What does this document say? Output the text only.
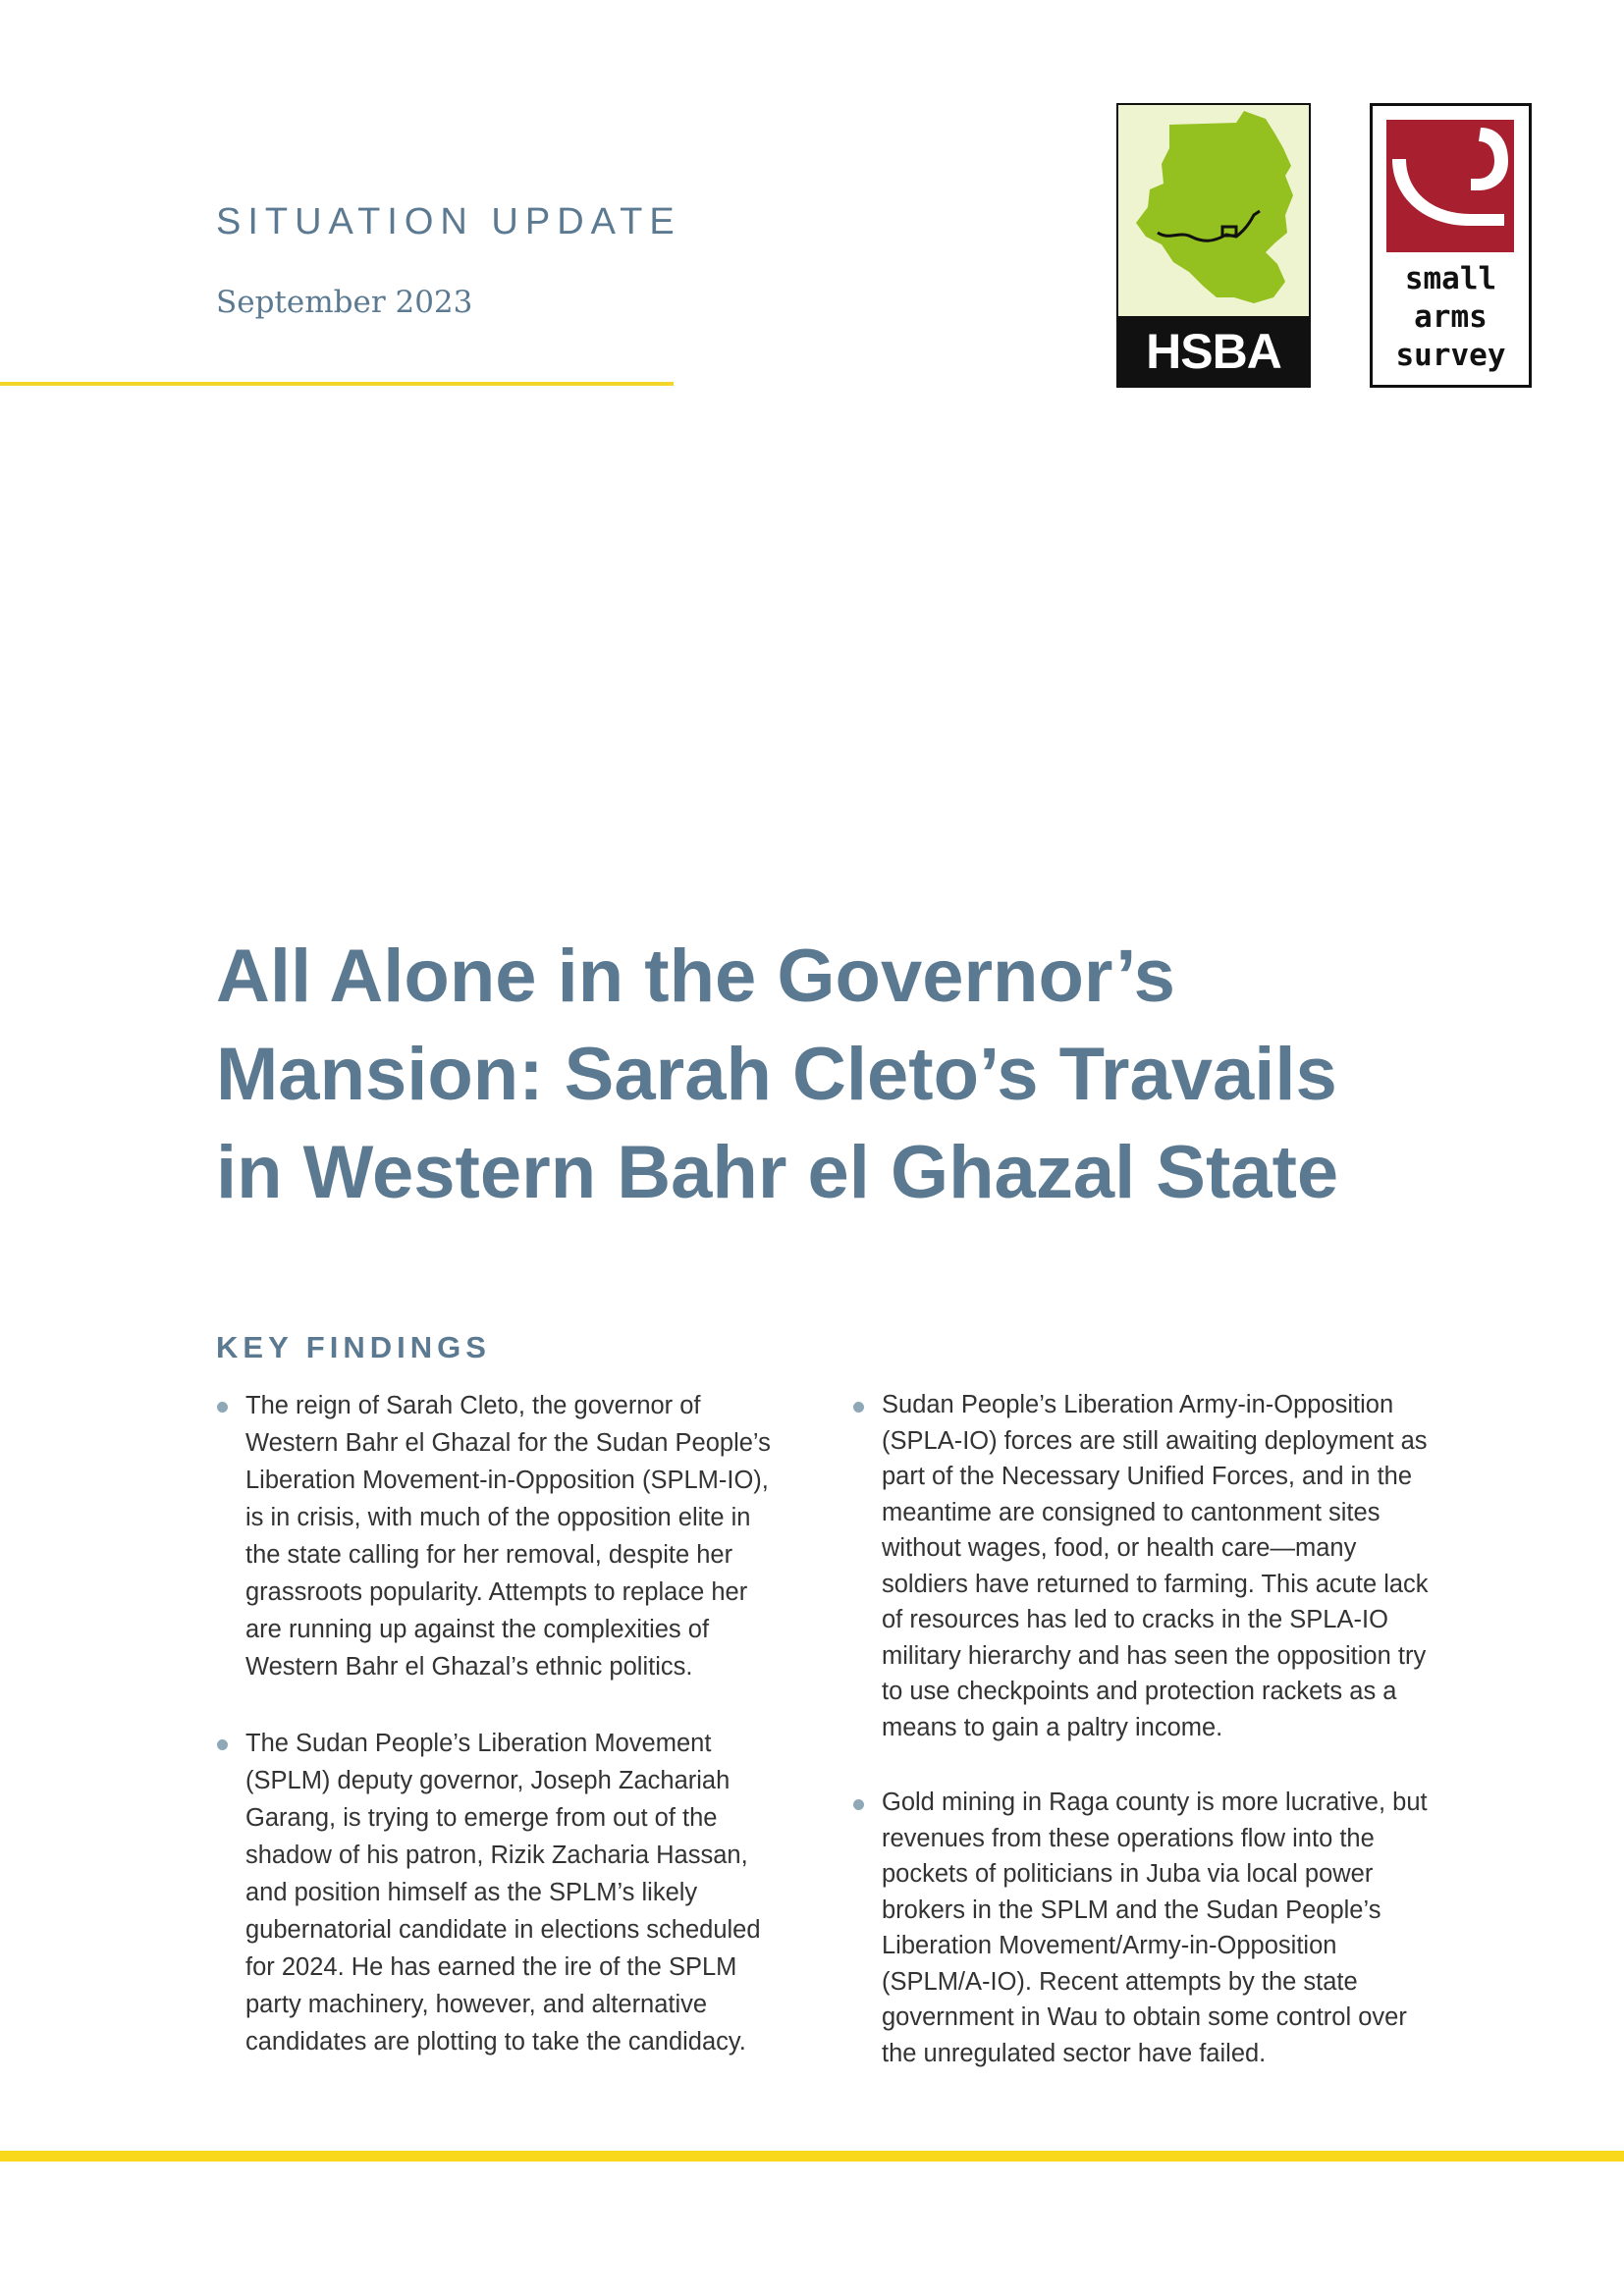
SITUATION UPDATE
September 2023
HSBA
small
arms
survey
All Alone in the Governor’s
Mansion: Sarah Cleto’s Travails
in Western Bahr el Ghazal State
KEY FINDINGS
The reign of Sarah Cleto, the governor of Western Bahr el Ghazal for the Sudan People’s Liberation Movement-in-Opposition (SPLM-IO), is in crisis, with much of the opposition elite in the state calling for her removal, despite her grassroots popularity. Attempts to replace her are running up against the complexities of Western Bahr el Ghazal’s ethnic politics.
The Sudan People’s Liberation Movement (SPLM) deputy governor, Joseph Zachariah Garang, is trying to emerge from out of the shadow of his patron, Rizik Zacharia Hassan, and position himself as the SPLM’s likely gubernatorial candidate in elections scheduled for 2024. He has earned the ire of the SPLM party machinery, however, and alternative candidates are plotting to take the candidacy.
Sudan People’s Liberation Army-in-Opposition (SPLA-IO) forces are still awaiting deployment as part of the Necessary Unified Forces, and in the meantime are consigned to cantonment sites without wages, food, or health care—many soldiers have returned to farming. This acute lack of resources has led to cracks in the SPLA-IO military hierarchy and has seen the opposition try to use checkpoints and protection rackets as a means to gain a paltry income.
Gold mining in Raga county is more lucrative, but revenues from these operations flow into the pockets of politicians in Juba via local power brokers in the SPLM and the Sudan People’s Liberation Movement/Army-in-Opposition (SPLM/A-IO). Recent attempts by the state government in Wau to obtain some control over the unregulated sector have failed.
